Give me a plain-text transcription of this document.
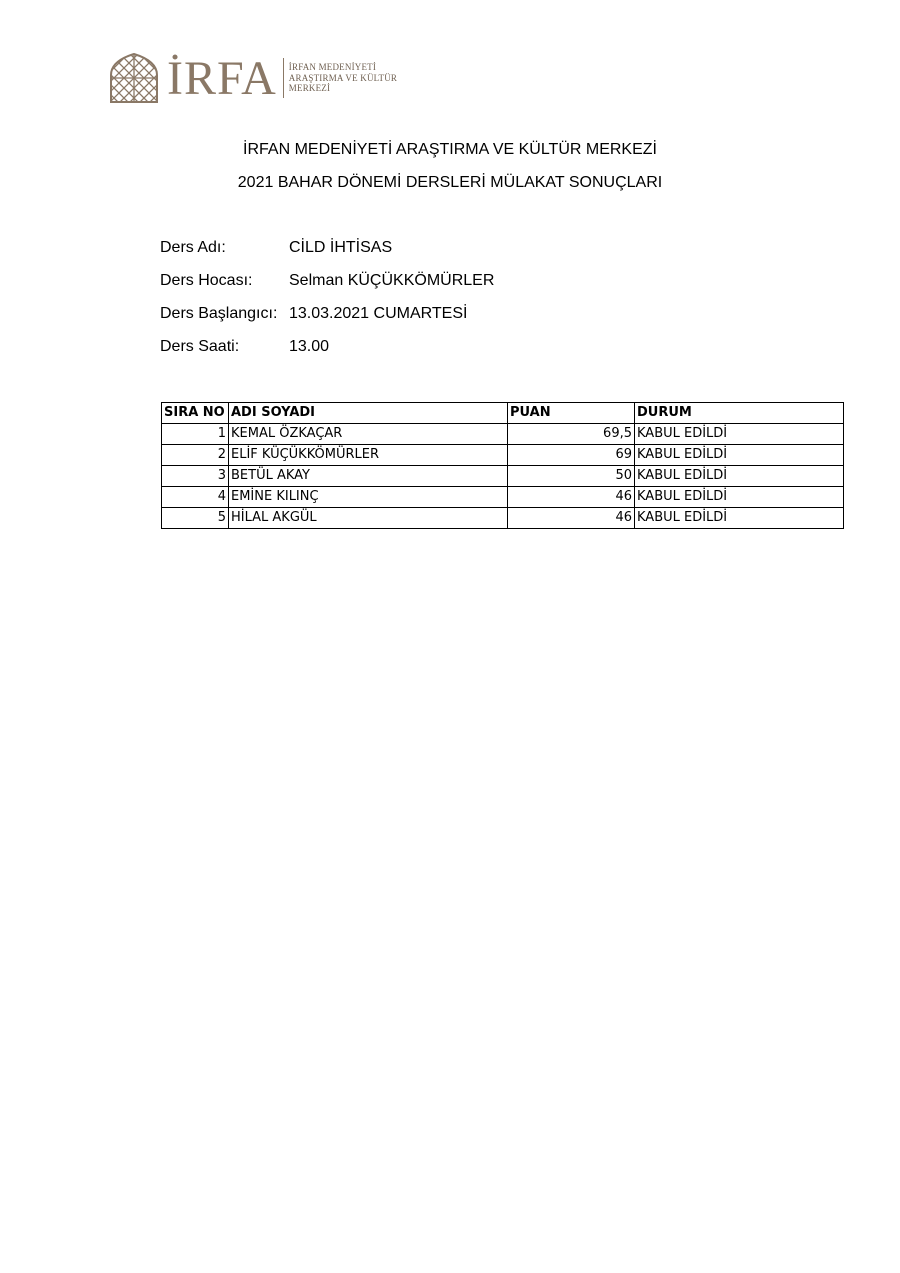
İRFA İRFAN MEDENİYETİ
ARAŞTIRMA VE KÜLTÜR
MERKEZİ
İRFAN MEDENİYETİ ARAŞTIRMA VE KÜLTÜR MERKEZİ
2021 BAHAR DÖNEMİ DERSLERİ MÜLAKAT SONUÇLARI
Ders Adı:	CİLD İHTİSAS
Ders Hocası:	Selman KÜÇÜKKÖMÜRLER
Ders Başlangıcı: 13.03.2021 CUMARTESİ
Ders Saati:	13.00
SIRA NO	ADI SOYADI	PUAN	DURUM
1	KEMAL ÖZKAÇAR	69,5	KABUL EDİLDİ
2	ELİF KÜÇÜKKÖMÜRLER	69	KABUL EDİLDİ
3	BETÜL AKAY	50	KABUL EDİLDİ
4	EMİNE KILINÇ	46	KABUL EDİLDİ
5	HİLAL AKGÜL	46	KABUL EDİLDİ
